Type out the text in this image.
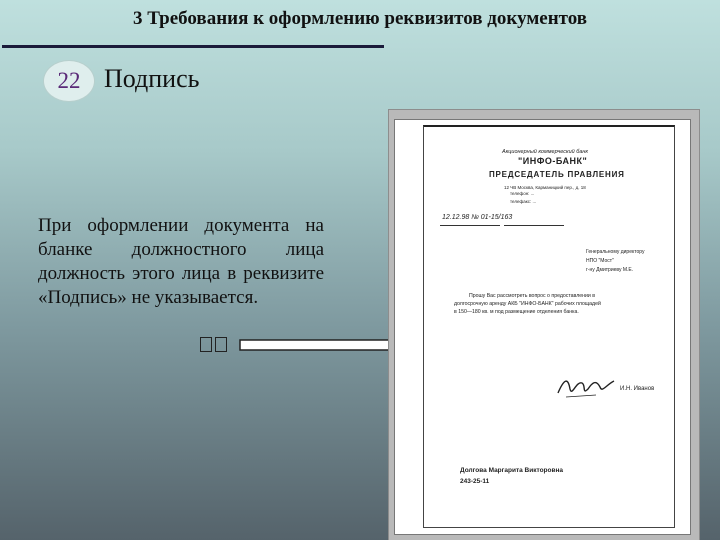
3 Требования к оформлению реквизитов документов
22 Подпись
При оформлении документа на бланке должностного лица должность этого лица в реквизите «Подпись» не указывается.
Акционерный коммерческий банк
"ИНФО-БАНК"
ПРЕДСЕДАТЕЛЬ ПРАВЛЕНИЯ
12 ЧВ Москва, Карманицкий пер., д. 18
телефон: ...
телефакс: ...
12.12.98 № 01-15/163
Генеральному директору
НПО "Мост"
г-ну Дмитриеву М.Е.
Прошу Вас рассмотреть вопрос о предоставлении в
долгосрочную аренду АКБ "ИНФО-БАНК" рабочих площадей
в 150—180 кв. м под размещение отделения банка.
И.Н. Иванов
Долгова Маргарита Викторовна
243-25-11
